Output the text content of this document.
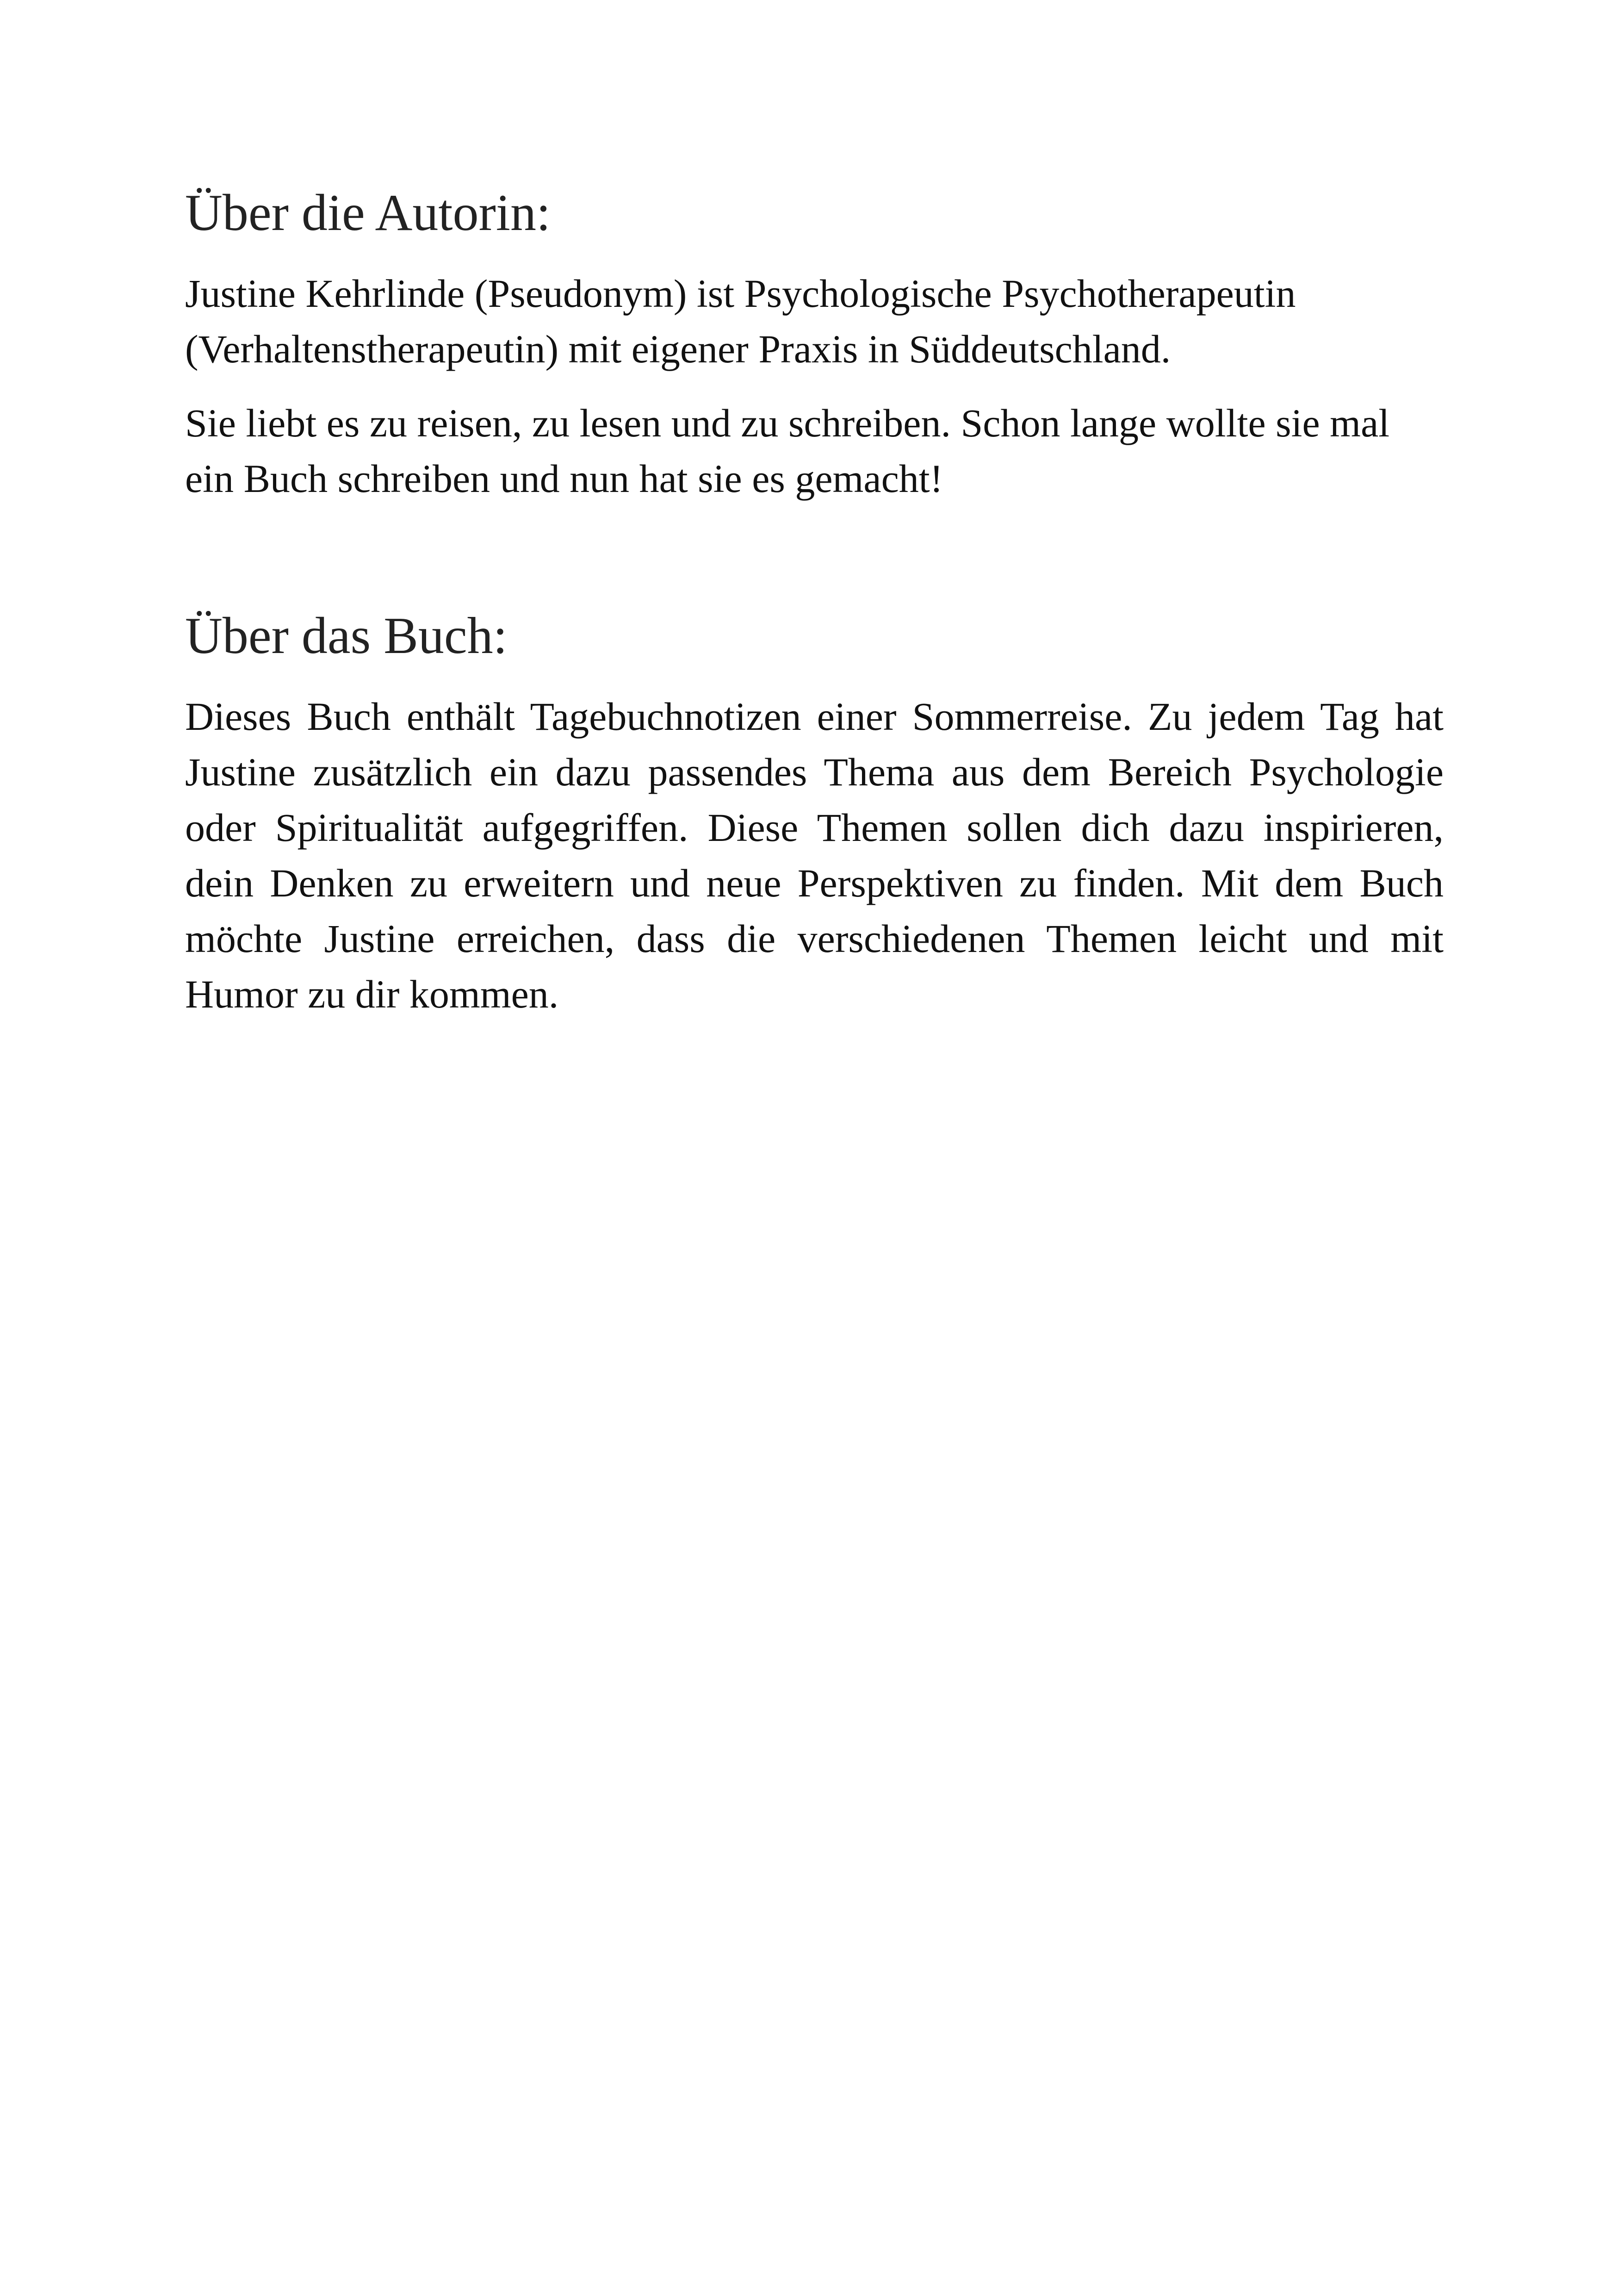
Über die Autorin:

Justine Kehrlinde (Pseudonym) ist Psychologische Psychotherapeutin (Verhaltenstherapeutin) mit eigener Praxis in Süddeutschland.

Sie liebt es zu reisen, zu lesen und zu schreiben. Schon lange wollte sie mal ein Buch schreiben und nun hat sie es gemacht!

Über das Buch:

Dieses Buch enthält Tagebuchnotizen einer Sommerreise. Zu jedem Tag hat Justine zusätzlich ein dazu passendes Thema aus dem Bereich Psychologie oder Spiritualität aufgegriffen. Diese Themen sollen dich dazu inspirieren, dein Denken zu erweitern und neue Perspektiven zu finden. Mit dem Buch möchte Justine erreichen, dass die verschiedenen Themen leicht und mit Humor zu dir kommen.
